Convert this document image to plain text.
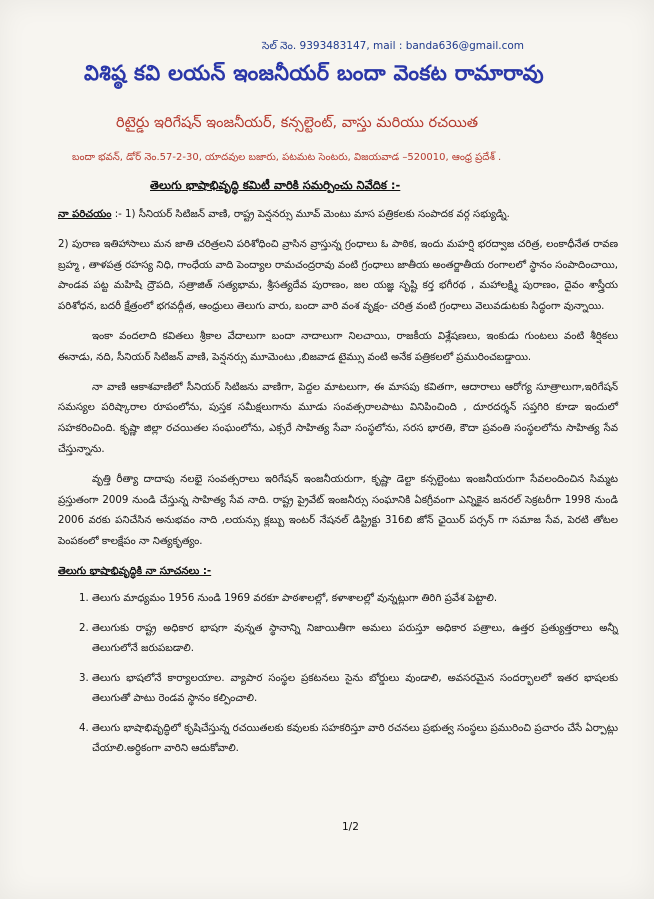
సెల్ నెం. 9393483147, mail : banda636@gmail.com
విశిష్ఠ కవి లయన్ ఇంజనీయర్ బందా వెంకట రామారావు
రిటైర్డు ఇరిగేషన్ ఇంజనీయర్, కన్సల్టెంట్, వాస్తు మరియు రచయిత
బందా భవన్, డోర్ నెం.57-2-30, యాదవుల బజారు, పటమట సెంటరు, విజయవాడ –520010, ఆంధ్ర ప్రదేశ్ .
తెలుగు భాషాభివృద్ధి కమిటీ వారికి సమర్పించు నివేదిక :-

నా పరిచయం :- 1) సీనియర్ సిటిజన్ వాణి, రాష్ట్ర పెన్షనర్సు మూవ్ మెంటు మాస పత్రికలకు సంపాదక వర్గ సభ్యుడ్ని.

2) పురాణ ఇతిహాసాలు మన జాతి చరిత్రలని పరిశోధించి వ్రాసిన వ్రాస్తున్న గ్రంధాలు ఓ పాఠిక, ఇందు మహర్షి భరద్వాజ చరిత్ర, లంకాధీనేత రావణ బ్రహ్మ , తాళపత్ర రహస్య నిధి, గాంధేయ వాది పెంద్యాల రామచంద్రరావు వంటి గ్రంధాలు జాతీయ అంతర్జాతీయ రంగాలలో స్థానం సంపాదించాయి, పాండవ పట్ట మహిషి ద్రౌపది, సత్రాజిత్ సత్యభామ, శ్రీసత్యదేవ పురాణం, జల యజ్ఞ సృష్టి కర్త భగీరథ , మహాలక్ష్మి పురాణం, దైవం శాస్త్రీయ పరిశోధన, బదరీ క్షేత్రంలో భగవద్గీత, ఆంధ్రులు తెలుగు వారు, బందా వారి వంశ వృక్షం- చరిత్ర వంటి గ్రంధాలు వెలువడుటకు సిద్ధంగా వున్నాయి.

ఇంకా వందలాది కవితలు శ్రీకాల వేదాలుగా బందా నాదాలుగా నిలచాయి, రాజకీయ విశ్లేషణలు, ఇంకుడు గుంటలు వంటి శీర్షికలు ఈనాడు, నది, సీనియర్ సిటిజన్ వాణి, పెన్షనర్సు మూమెంటు ,బిజవాడ టైమ్సు వంటి అనేక పత్రికలలో ప్రమురించబడ్డాయి.

నా వాణి ఆకాశవాణిలో సీనియర్ సిటిజను వాణిగా, పెద్దల మాటలుగా, ఈ మాసపు కవితగా, ఆదారాలు ఆరోగ్య సూత్రాలుగా,ఇరిగేషన్ సమస్యల పరిష్కారాల రూపంలోను, పుస్తక సమీక్షలుగాను మూడు సంవత్సరాలపాటు వినిపించింది , దూరదర్శన్ సప్తగిరి కూడా ఇందులో సహకరించింది. కృష్ణా జిల్లా రచయితల సంఘంలోను, ఎక్సరే సాహిత్య సేవా సంస్థలోను, సరస భారతి, కౌదా ప్రవంతి సంస్థలలోను సాహిత్య సేవ చేస్తున్నాను.

వృత్తి రీత్యా దాదాపు నలభై సంవత్సరాలు ఇరిగేషన్ ఇంజనీయరుగా, కృష్ణా డెల్టా కన్సల్టెంటు ఇంజనీయరుగా సేవలందించిన సిమ్మట ప్రస్తుతంగా 2009 నుండి చేస్తున్న సాహిత్య సేవ నాది. రాష్ట్ర ప్రైవేట్ ఇంజనీర్సు సంఘానికి ఏకగ్రీవంగా ఎన్నికైన జనరల్ సెక్రటరీగా 1998 నుండి 2006 వరకు పనిచేసిన అనుభవం నాది ,లయన్సు క్లబ్బు ఇంటర్ నేషనల్ డిస్ట్రిక్టు 316బి జోన్ ఛైయిర్ పర్సన్ గా సమాజ సేవ, పెరటి తోటల పెంపకంలో కాలక్షేపం నా నిత్యకృత్యం.

తెలుగు భాషాభివృద్ధికి నా సూచనలు :-
1. తెలుగు మాధ్యమం 1956 నుండి 1969 వరకూ పాఠశాలల్లో, కళాశాలల్లో వున్నట్లుగా తిరిగి ప్రవేశ పెట్టాలి.
2. తెలుగుకు రాష్ట్ర అధికార భాషగా వున్నత స్థానాన్ని నిజాయితీగా అమలు పరుస్తూ అధికార పత్రాలు, ఉత్తర ప్రత్యుత్తరాలు అన్నీ తెలుగులోనే జరుపబడాలి.
3. తెలుగు భాషలోనే కార్యాలయాల. వ్యాపార సంస్థల ప్రకటనలు సైను బోర్డులు వుండాలి, అవసరమైన సందర్భాలలో ఇతర భాషలకు తెలుగుతో పాటు రెండవ స్థానం కల్పించాలి.
4. తెలుగు భాషాభివృద్ధిలో కృషిచేస్తున్న రచయితలకు కవులకు సహకరిస్తూ వారి రచనలు ప్రభుత్వ సంస్థలు ప్రమురించి ప్రచారం చేసే ఏర్పాట్లు చేయాలి.అర్ధికంగా వారిని ఆదుకోవాలి.
1/2
